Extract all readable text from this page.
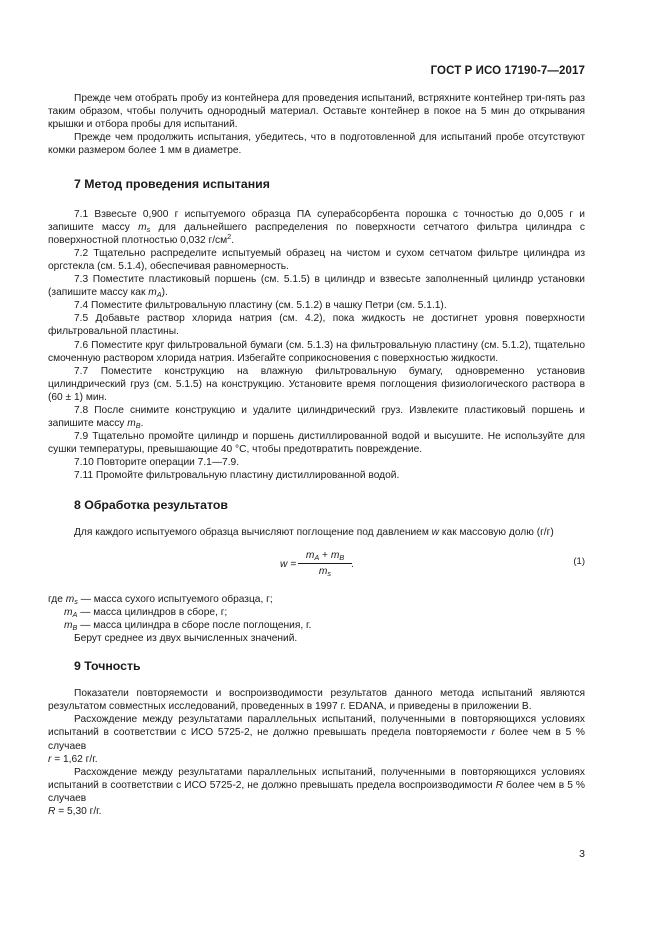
ГОСТ Р ИСО 17190-7—2017

Прежде чем отобрать пробу из контейнера для проведения испытаний, встряхните контейнер три-пять раз таким образом, чтобы получить однородный материал. Оставьте контейнер в покое на 5 мин до открывания крышки и отбора пробы для испытаний.

Прежде чем продолжить испытания, убедитесь, что в подготовленной для испытаний пробе отсутствуют комки размером более 1 мм в диаметре.

7 Метод проведения испытания

7.1 Взвесьте 0,900 г испытуемого образца ПА суперабсорбента порошка с точностью до 0,005 г и запишите массу $m_s$ для дальнейшего распределения по поверхности сетчатого фильтра цилиндра с поверхностной плотностью 0,032 $г/см^2$.

7.2 Тщательно распределите испытуемый образец на чистом и сухом сетчатом фильтре цилиндра из оргстекла (см. 5.1.4), обеспечивая равномерность.

7.3 Поместите пластиковый поршень (см. 5.1.5) в цилиндр и взвесьте заполненный цилиндр установки (запишите массу как $m_A$).

7.4 Поместите фильтровальную пластину (см. 5.1.2) в чашку Петри (см. 5.1.1).

7.5 Добавьте раствор хлорида натрия (см. 4.2), пока жидкость не достигнет уровня поверхности фильтровальной пластины.

7.6 Поместите круг фильтровальной бумаги (см. 5.1.3) на фильтровальную пластину (см. 5.1.2), тщательно смоченную раствором хлорида натрия. Избегайте соприкосновения с поверхностью жидкости.

7.7 Поместите конструкцию на влажную фильтровальную бумагу, одновременно установив цилиндрический груз (см. 5.1.5) на конструкцию. Установите время поглощения физиологического раствора в (60 ± 1) мин.

7.8 После снимите конструкцию и удалите цилиндрический груз. Извлеките пластиковый поршень и запишите массу $m_B$.

7.9 Тщательно промойте цилиндр и поршень дистиллированной водой и высушите. Не используйте для сушки температуры, превышающие 40 °С, чтобы предотвратить повреждение.

7.10 Повторите операции 7.1—7.9.

7.11 Промойте фильтровальную пластину дистиллированной водой.

8 Обработка результатов

Для каждого испытуемого образца вычисляют поглощение под давлением w как массовую долю (г/г)

$w = \frac{m_A + m_B}{m_s}$ .	(1)

где $m_s$ — масса сухого испытуемого образца, г;

$m_A$ — масса цилиндров в сборе, г;

$m_B$ — масса цилиндра в сборе после поглощения, г.

Берут среднее из двух вычисленных значений.

9 Точность

Показатели повторяемости и воспроизводимости результатов данного метода испытаний являются результатом совместных исследований, проведенных в 1997 г. EDANA, и приведены в приложении В.

Расхождение между результатами параллельных испытаний, полученными в повторяющихся условиях испытаний в соответствии с ИСО 5725-2, не должно превышать предела повторяемости r более чем в 5 % случаев

r = 1,62 г/г.

Расхождение между результатами параллельных испытаний, полученными в повторяющихся условиях испытаний в соответствии с ИСО 5725-2, не должно превышать предела воспроизводимости R более чем в 5 % случаев

R = 5,30 г/г.

3
